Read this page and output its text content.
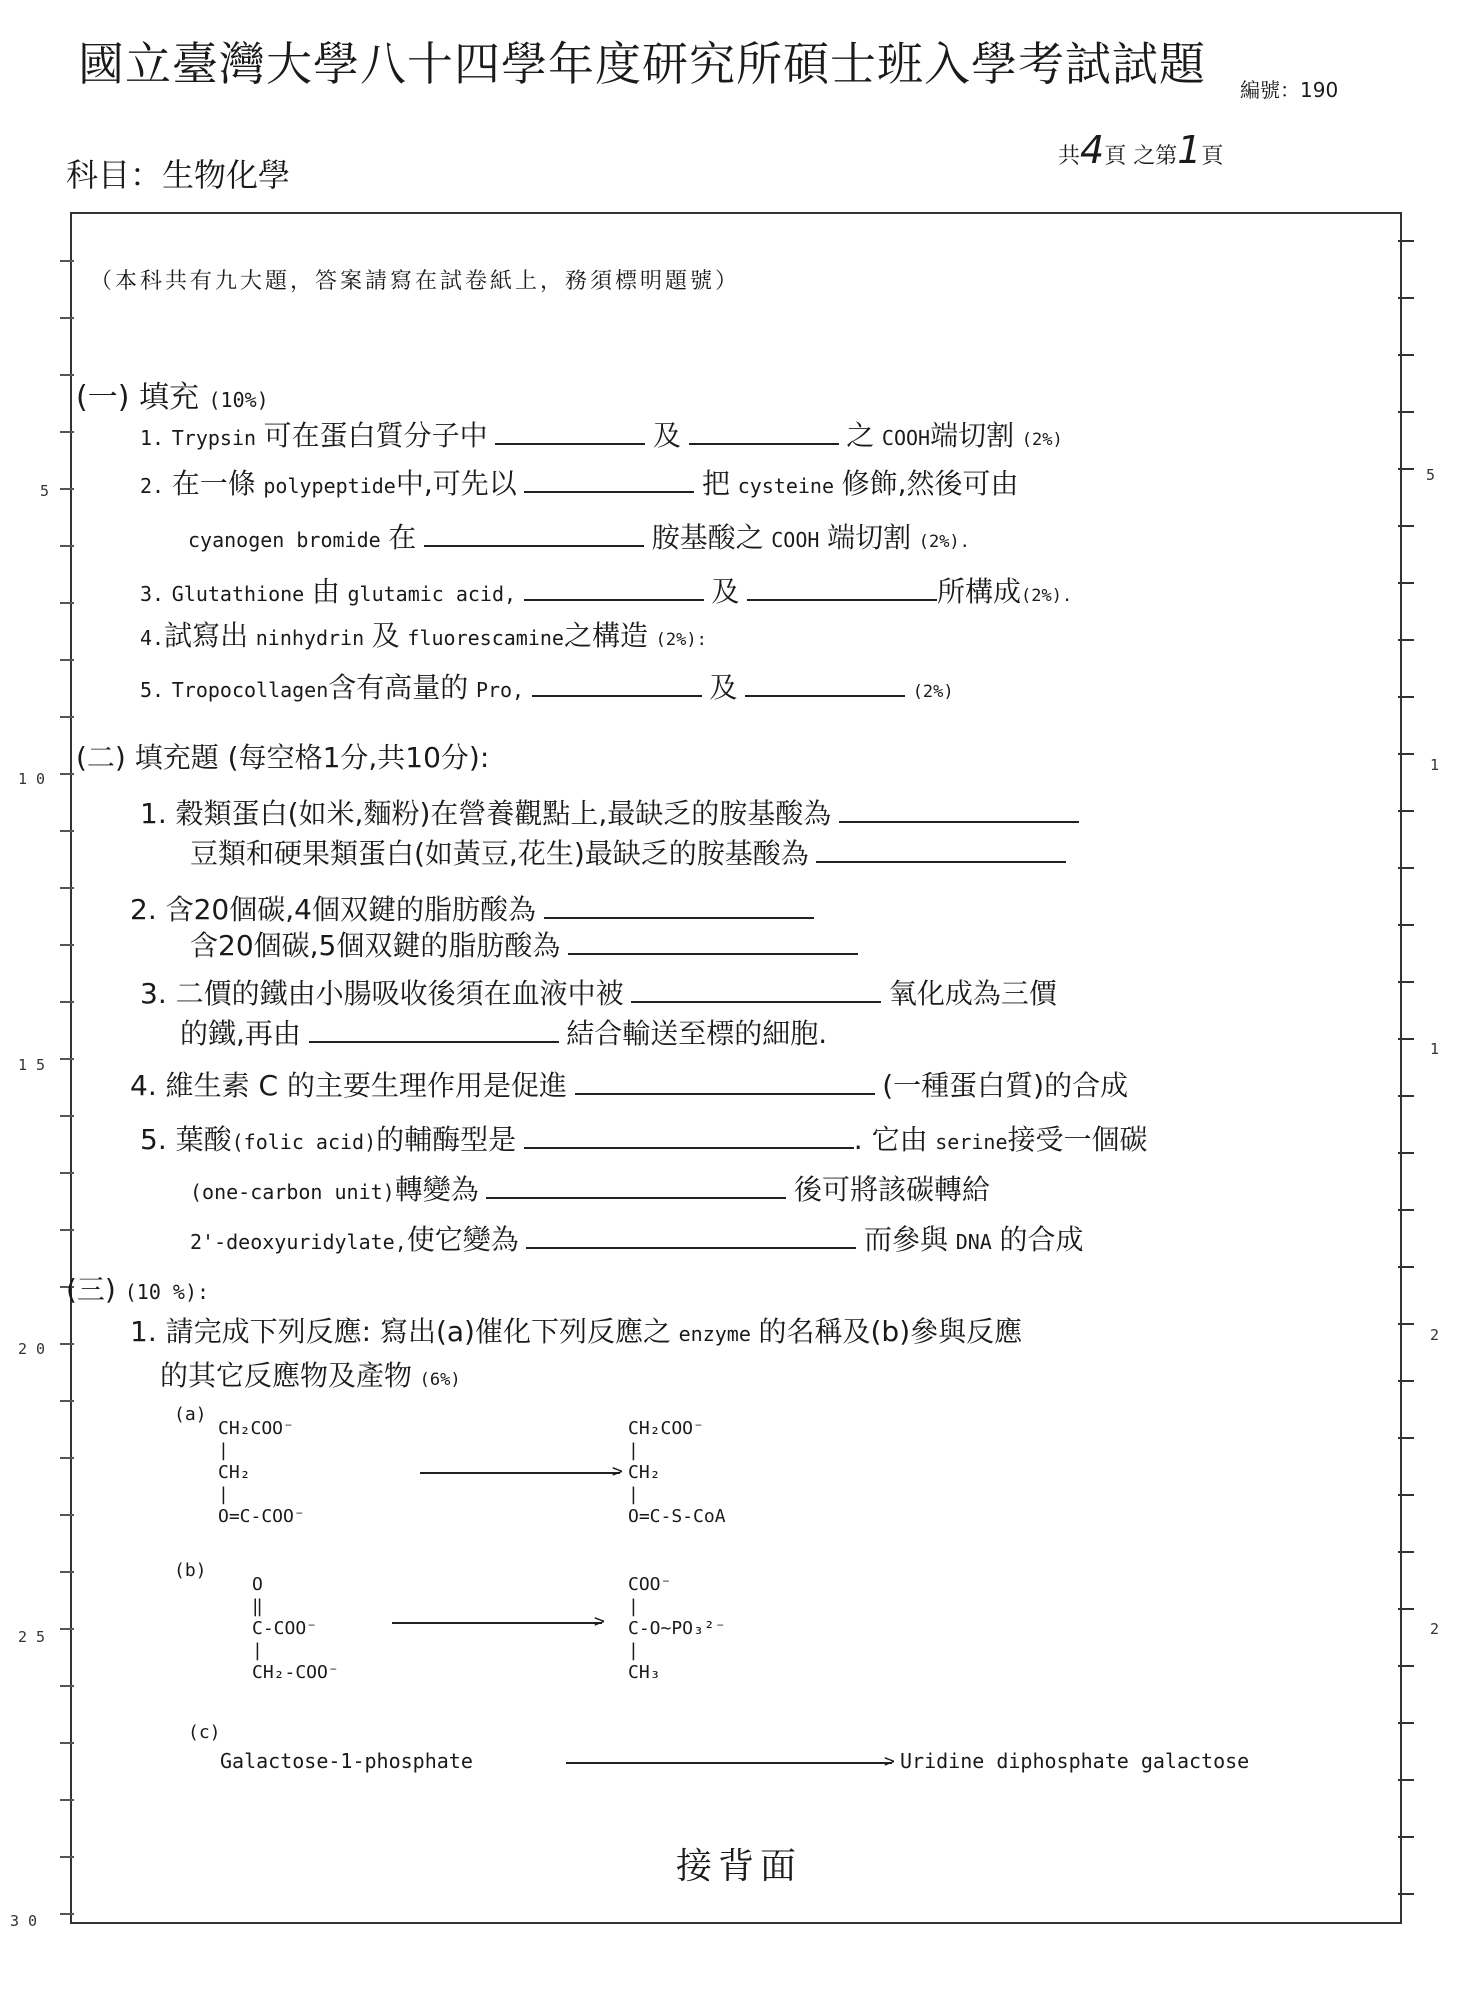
國立臺灣大學八十四學年度研究所碩士班入學考試試題 編號：190
科目：生物化學	共4頁 之第1頁
5
1 0
1 5
2 0
2 5
3 0
5
1
1
2
2
（本科共有九大題，答案請寫在試卷紙上，務須標明題號）
(一) 填充 (10%)
1. Trypsin 可在蛋白質分子中	及	之 COOH端切割 (2%)
2. 在一條 polypeptide中,可先以	把 cysteine 修飾,然後可由
cyanogen bromide 在	胺基酸之 COOH 端切割 (2%).
3. Glutathione 由 glutamic acid,	及	所構成(2%).
4.試寫出 ninhydrin 及 fluorescamine之構造 (2%):
5. Tropocollagen含有高量的 Pro,	及	(2%)
(二) 填充題 (每空格1分,共10分):
1. 穀類蛋白(如米,麵粉)在營養觀點上,最缺乏的胺基酸為
豆類和硬果類蛋白(如黃豆,花生)最缺乏的胺基酸為
2. 含20個碳,4個双鍵的脂肪酸為
含20個碳,5個双鍵的脂肪酸為
3. 二價的鐵由小腸吸收後須在血液中被	氧化成為三價
的鐵,再由	結合輸送至標的細胞.
4. 維生素 C 的主要生理作用是促進	(一種蛋白質)的合成
5. 葉酸(folic acid)的輔酶型是	. 它由 serine接受一個碳
(one-carbon unit)轉變為	後可將該碳轉給
2'-deoxyuridylate,使它變為	而參與 DNA 的合成
(三) (10 %):
1. 請完成下列反應: 寫出(a)催化下列反應之 enzyme 的名稱及(b)參與反應
的其它反應物及產物 (6%)
(a)
CH₂COO⁻
|
CH₂
|
O=C-COO⁻
>
CH₂COO⁻
|
CH₂
|
O=C-S-CoA
(b)
O
‖
C-COO⁻
|
CH₂-COO⁻
>
COO⁻
|
C-O~PO₃²⁻
|
CH₃
(c)
Galactose-1-phosphate	> Uridine diphosphate galactose
接背面
